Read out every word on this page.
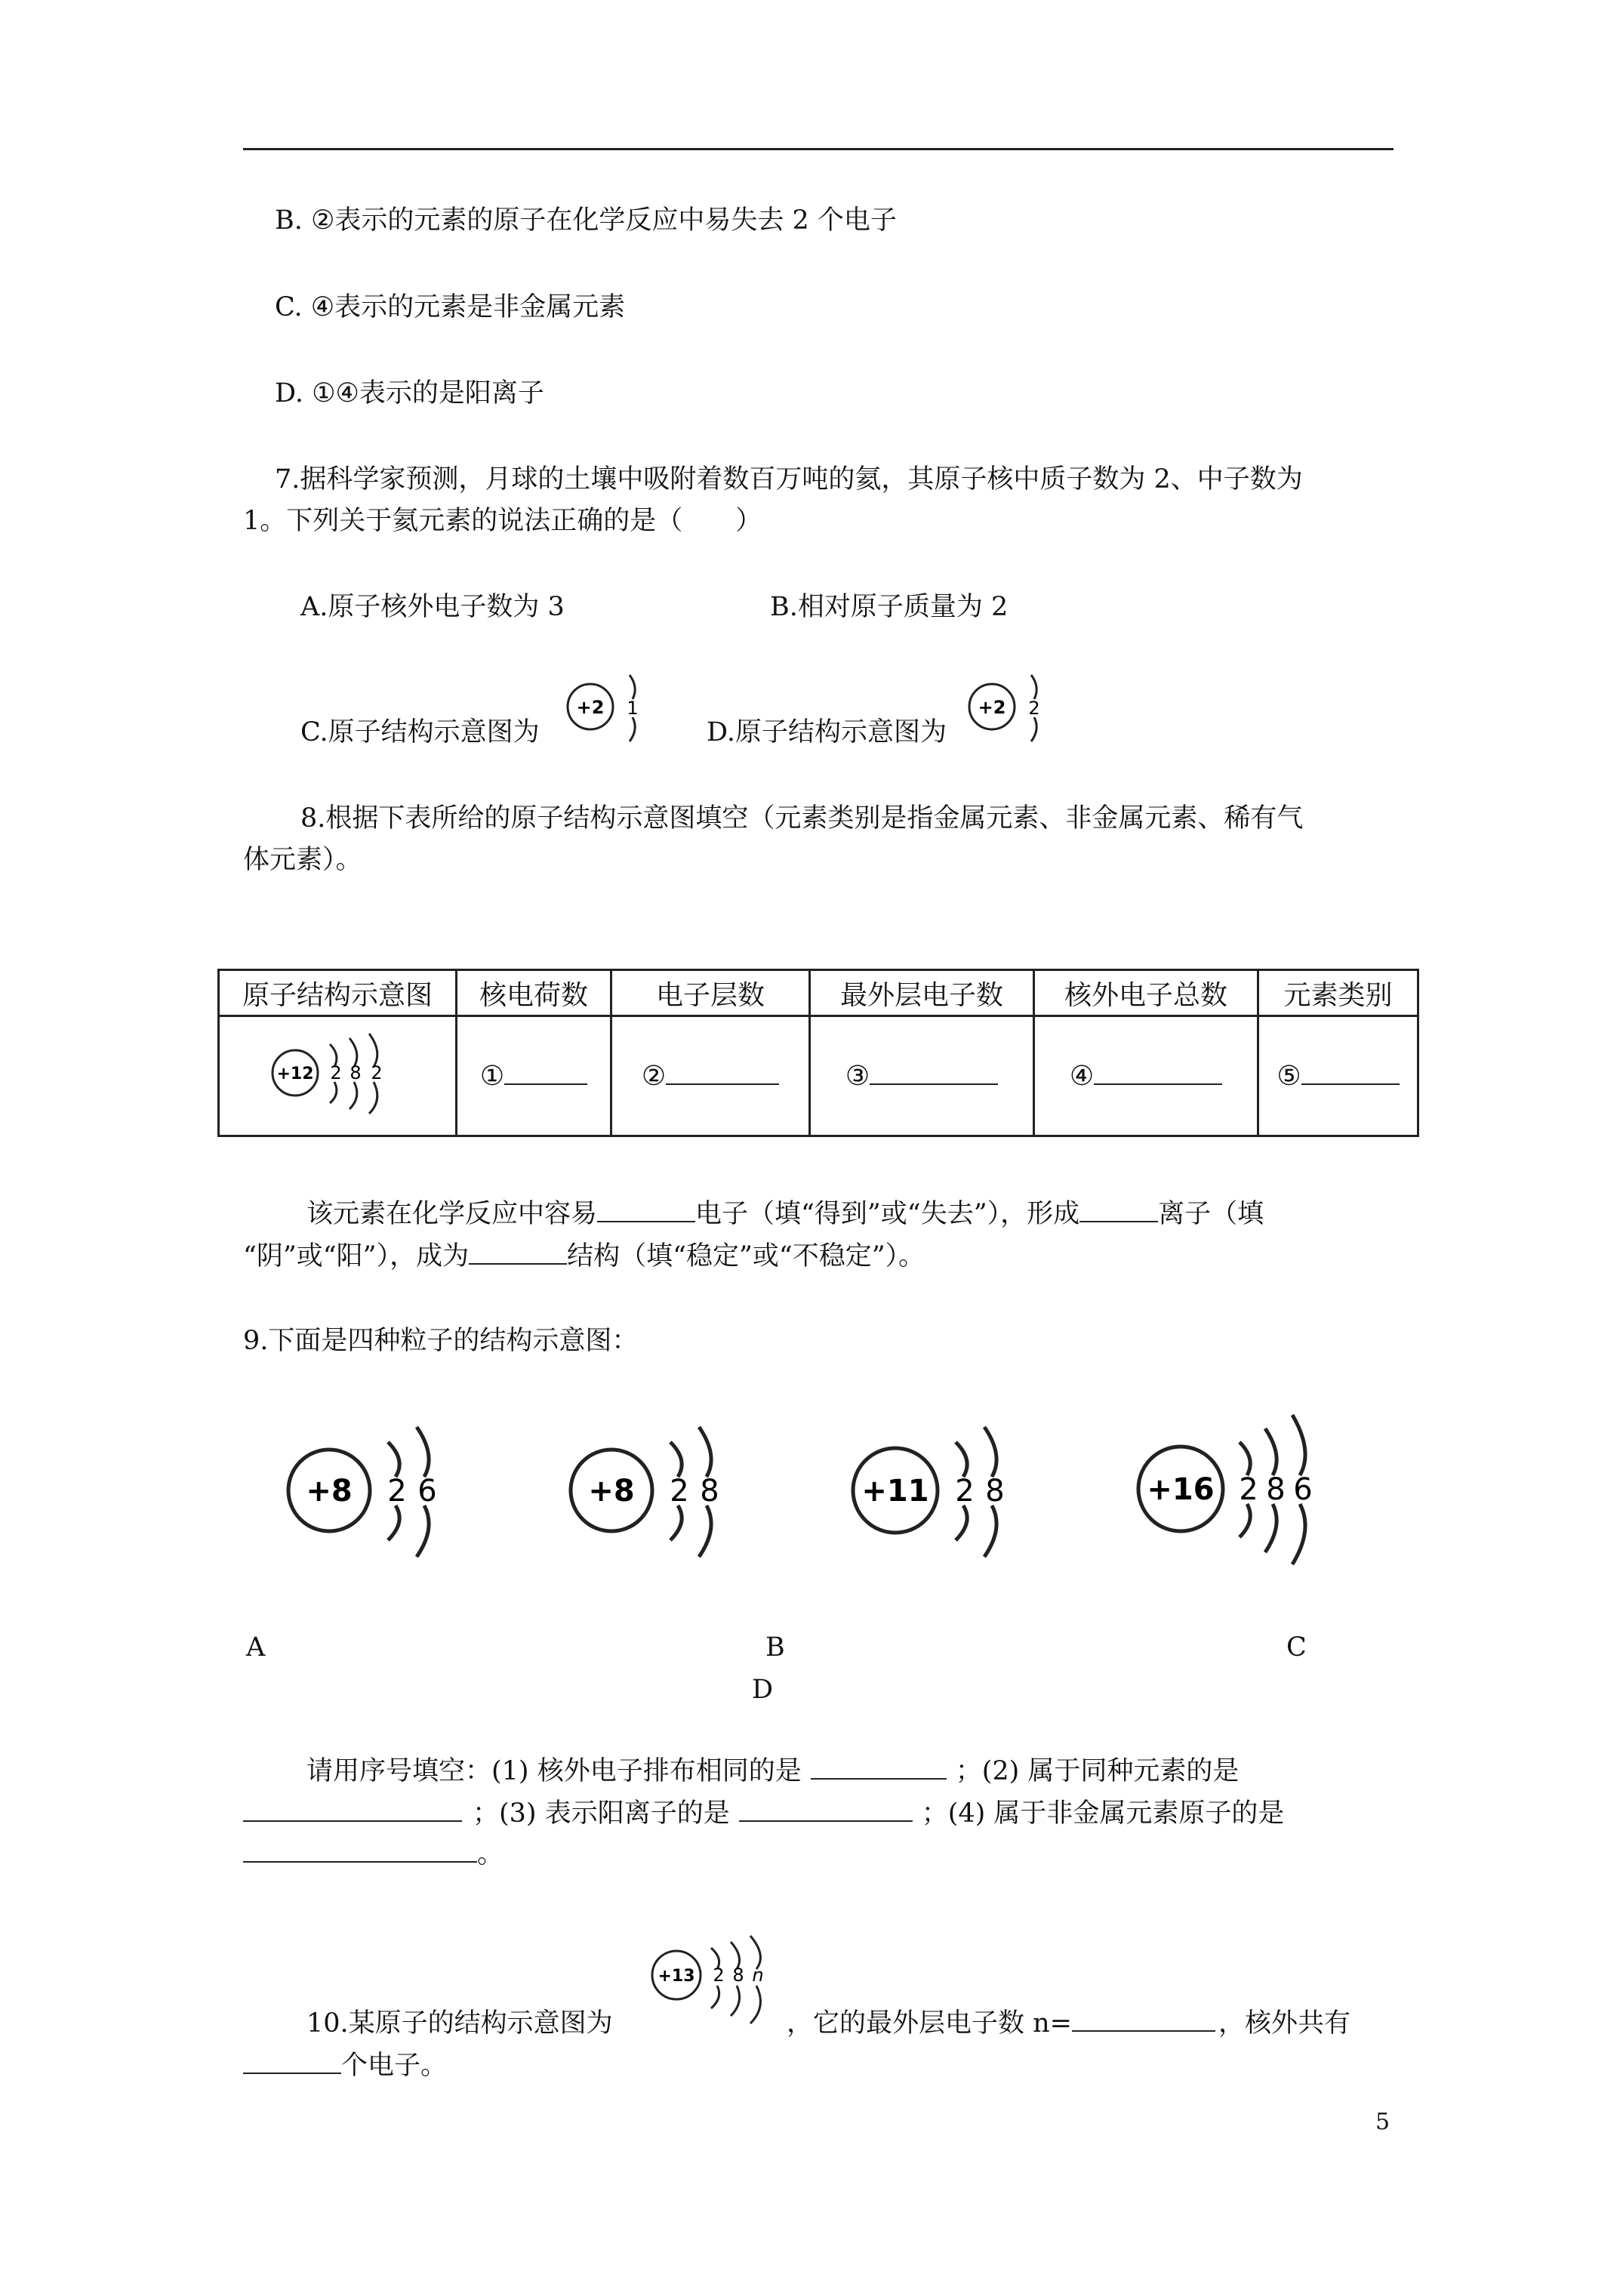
B. ②表示的元素的原子在化学反应中易失去 2 个电子
C. ④表示的元素是非金属元素
D. ①④表示的是阳离子
7.据科学家预测，月球的土壤中吸附着数百万吨的氦，其原子核中质子数为 2、中子数为
1。下列关于氦元素的说法正确的是（　　）
A.原子核外电子数为 3	B.相对原子质量为 2
C.原子结构示意图为	D.原子结构示意图为
+2 1	+2 2
8.根据下表所给的原子结构示意图填空（元素类别是指金属元素、非金属元素、稀有气
体元素）。
原子结构示意图	核电荷数	电子层数	最外层电子数	核外电子总数	元素类别

+12 2 8 2	①	②	③	④	⑤
该元素在化学反应中容易	电子（填“得到”或“失去”），形成	离子（填
“阴”或“阳”），成为	结构（填“稳定”或“不稳定”）。
9.下面是四种粒子的结构示意图：
+8 2 6	+8 2 8	+11 2 8	+16 2 8 6
A	B	C
D
请用序号填空：(1) 核外电子排布相同的是	；(2) 属于同种元素的是
；(3) 表示阳离子的是	；(4) 属于非金属元素原子的是
。
+13 2 8 n
10.某原子的结构示意图为	，它的最外层电子数 n=	，核外共有
个电子。
5
